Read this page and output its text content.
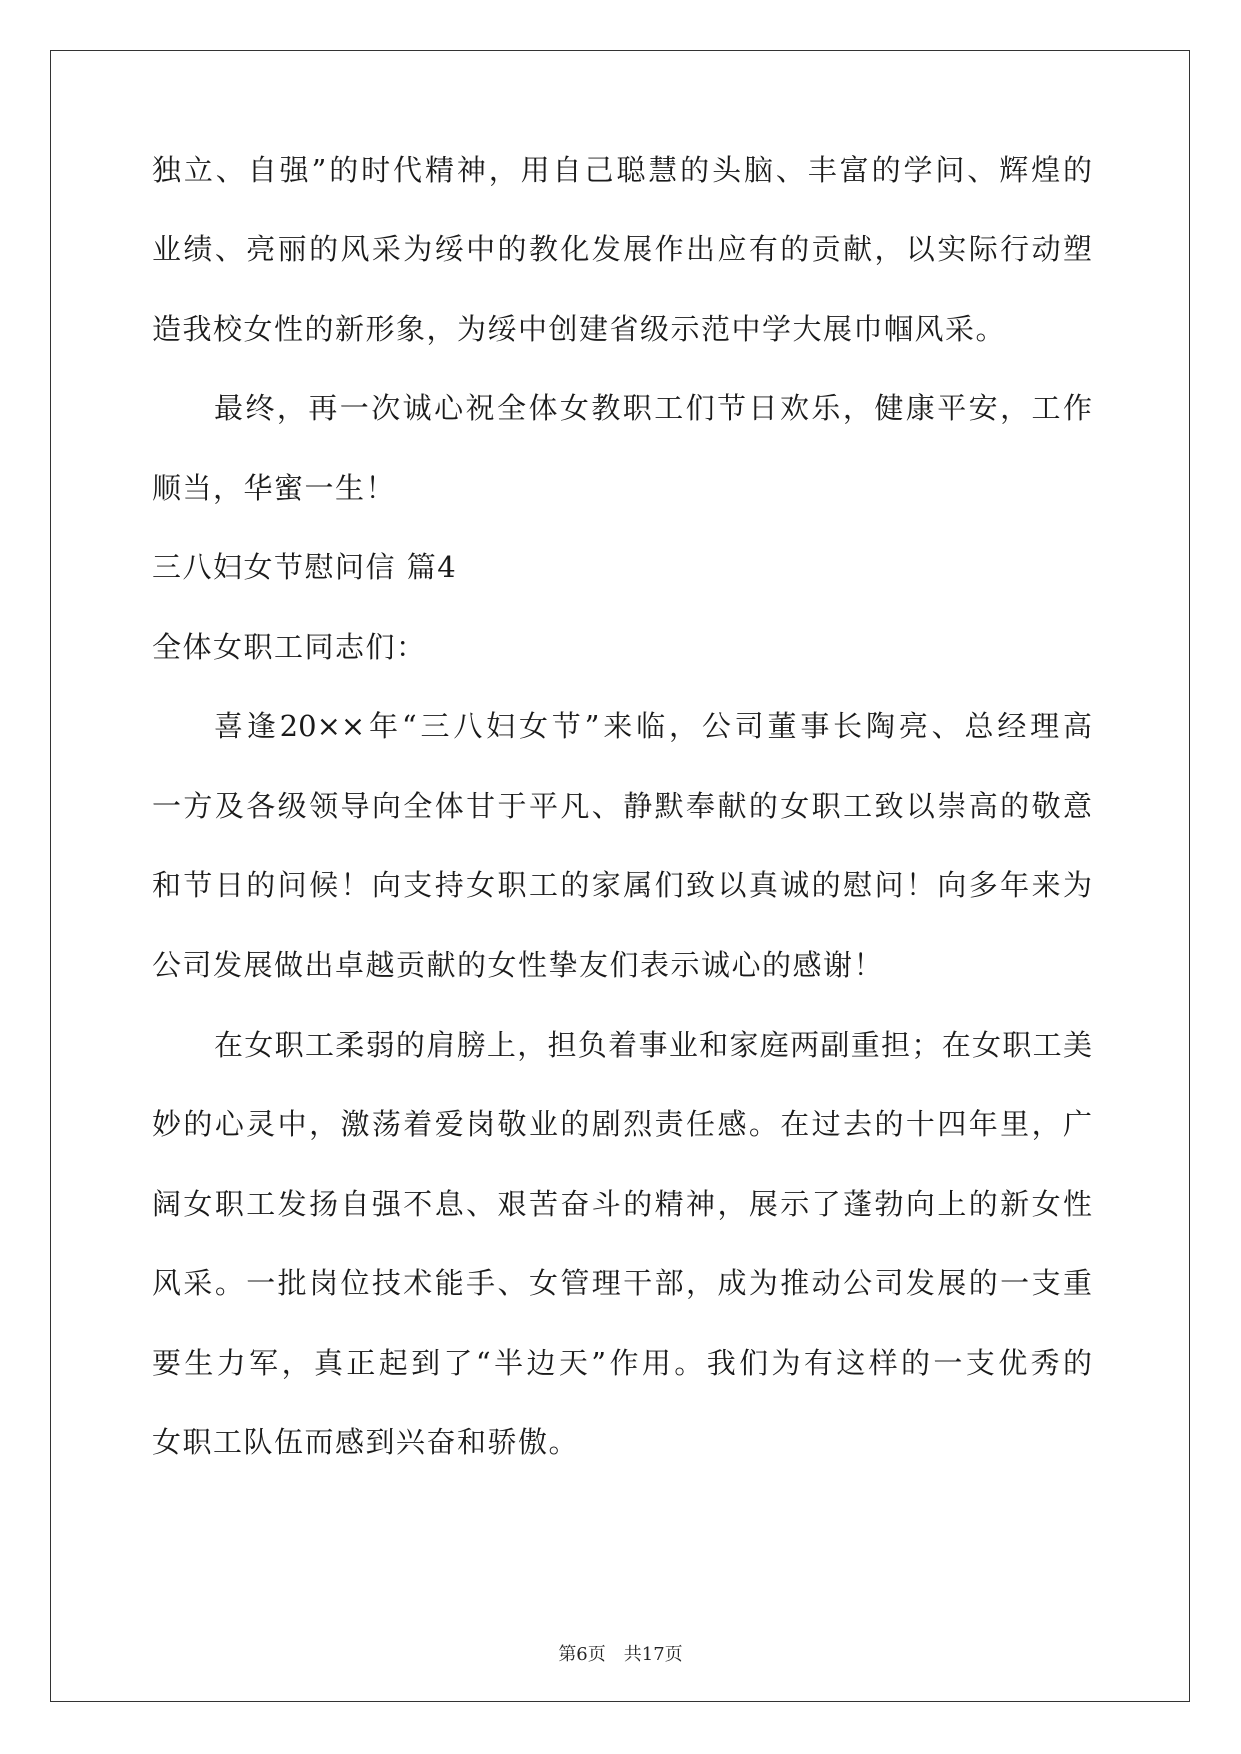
独立、自强”的时代精神，用自己聪慧的头脑、丰富的学问、辉煌的
业绩、亮丽的风采为绥中的教化发展作出应有的贡献，以实际行动塑
造我校女性的新形象，为绥中创建省级示范中学大展巾帼风采。
最终，再一次诚心祝全体女教职工们节日欢乐，健康平安，工作
顺当，华蜜一生！
三八妇女节慰问信 篇4
全体女职工同志们：
喜逢20××年“三八妇女节”来临，公司董事长陶亮、总经理高
一方及各级领导向全体甘于平凡、静默奉献的女职工致以崇高的敬意
和节日的问候！向支持女职工的家属们致以真诚的慰问！向多年来为
公司发展做出卓越贡献的女性挚友们表示诚心的感谢！
在女职工柔弱的肩膀上，担负着事业和家庭两副重担；在女职工美
妙的心灵中，激荡着爱岗敬业的剧烈责任感。在过去的十四年里，广
阔女职工发扬自强不息、艰苦奋斗的精神，展示了蓬勃向上的新女性
风采。一批岗位技术能手、女管理干部，成为推动公司发展的一支重
要生力军，真正起到了“半边天”作用。我们为有这样的一支优秀的
女职工队伍而感到兴奋和骄傲。
第6页　共17页
